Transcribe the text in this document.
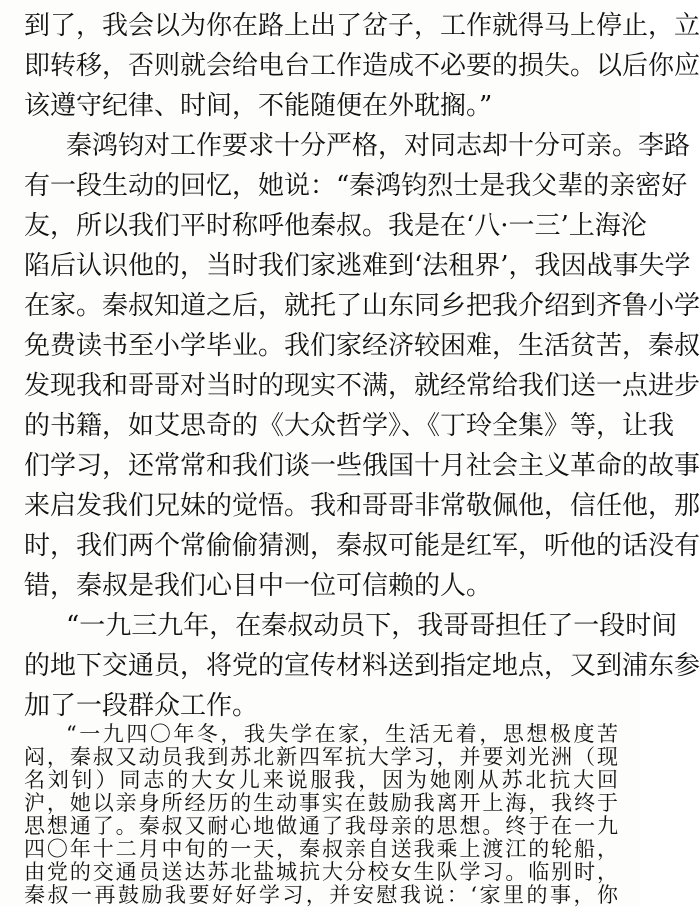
到了，我会以为你在路上出了岔子，工作就得马上停止，立
即转移，否则就会给电台工作造成不必要的损失。以后你应
该遵守纪律、时间，不能随便在外耽搁。”
秦鸿钧对工作要求十分严格，对同志却十分可亲。李路
有一段生动的回忆，她说：“秦鸿钧烈士是我父辈的亲密好
友，所以我们平时称呼他秦叔。我是在‘八·一三’上海沦
陷后认识他的，当时我们家逃难到‘法租界’，我因战事失学
在家。秦叔知道之后，就托了山东同乡把我介绍到齐鲁小学
免费读书至小学毕业。我们家经济较困难，生活贫苦，秦叔
发现我和哥哥对当时的现实不满，就经常给我们送一点进步
的书籍，如艾思奇的《大众哲学》、《丁玲全集》等，让我
们学习，还常常和我们谈一些俄国十月社会主义革命的故事
来启发我们兄妹的觉悟。我和哥哥非常敬佩他，信任他，那
时，我们两个常偷偷猜测，秦叔可能是红军，听他的话没有
错，秦叔是我们心目中一位可信赖的人。
“一九三九年，在秦叔动员下，我哥哥担任了一段时间
的地下交通员，将党的宣传材料送到指定地点，又到浦东参
加了一段群众工作。
“一九四〇年冬，我失学在家，生活无着，思想极度苦
闷，秦叔又动员我到苏北新四军抗大学习，并要刘光洲（现
名刘钊）同志的大女儿来说服我，因为她刚从苏北抗大回
沪，她以亲身所经历的生动事实在鼓励我离开上海，我终于
思想通了。秦叔又耐心地做通了我母亲的思想。终于在一九
四〇年十二月中旬的一天，秦叔亲自送我乘上渡江的轮船，
由党的交通员送达苏北盐城抗大分校女生队学习。临别时，
秦叔一再鼓励我要好好学习，并安慰我说：‘家里的事，你
